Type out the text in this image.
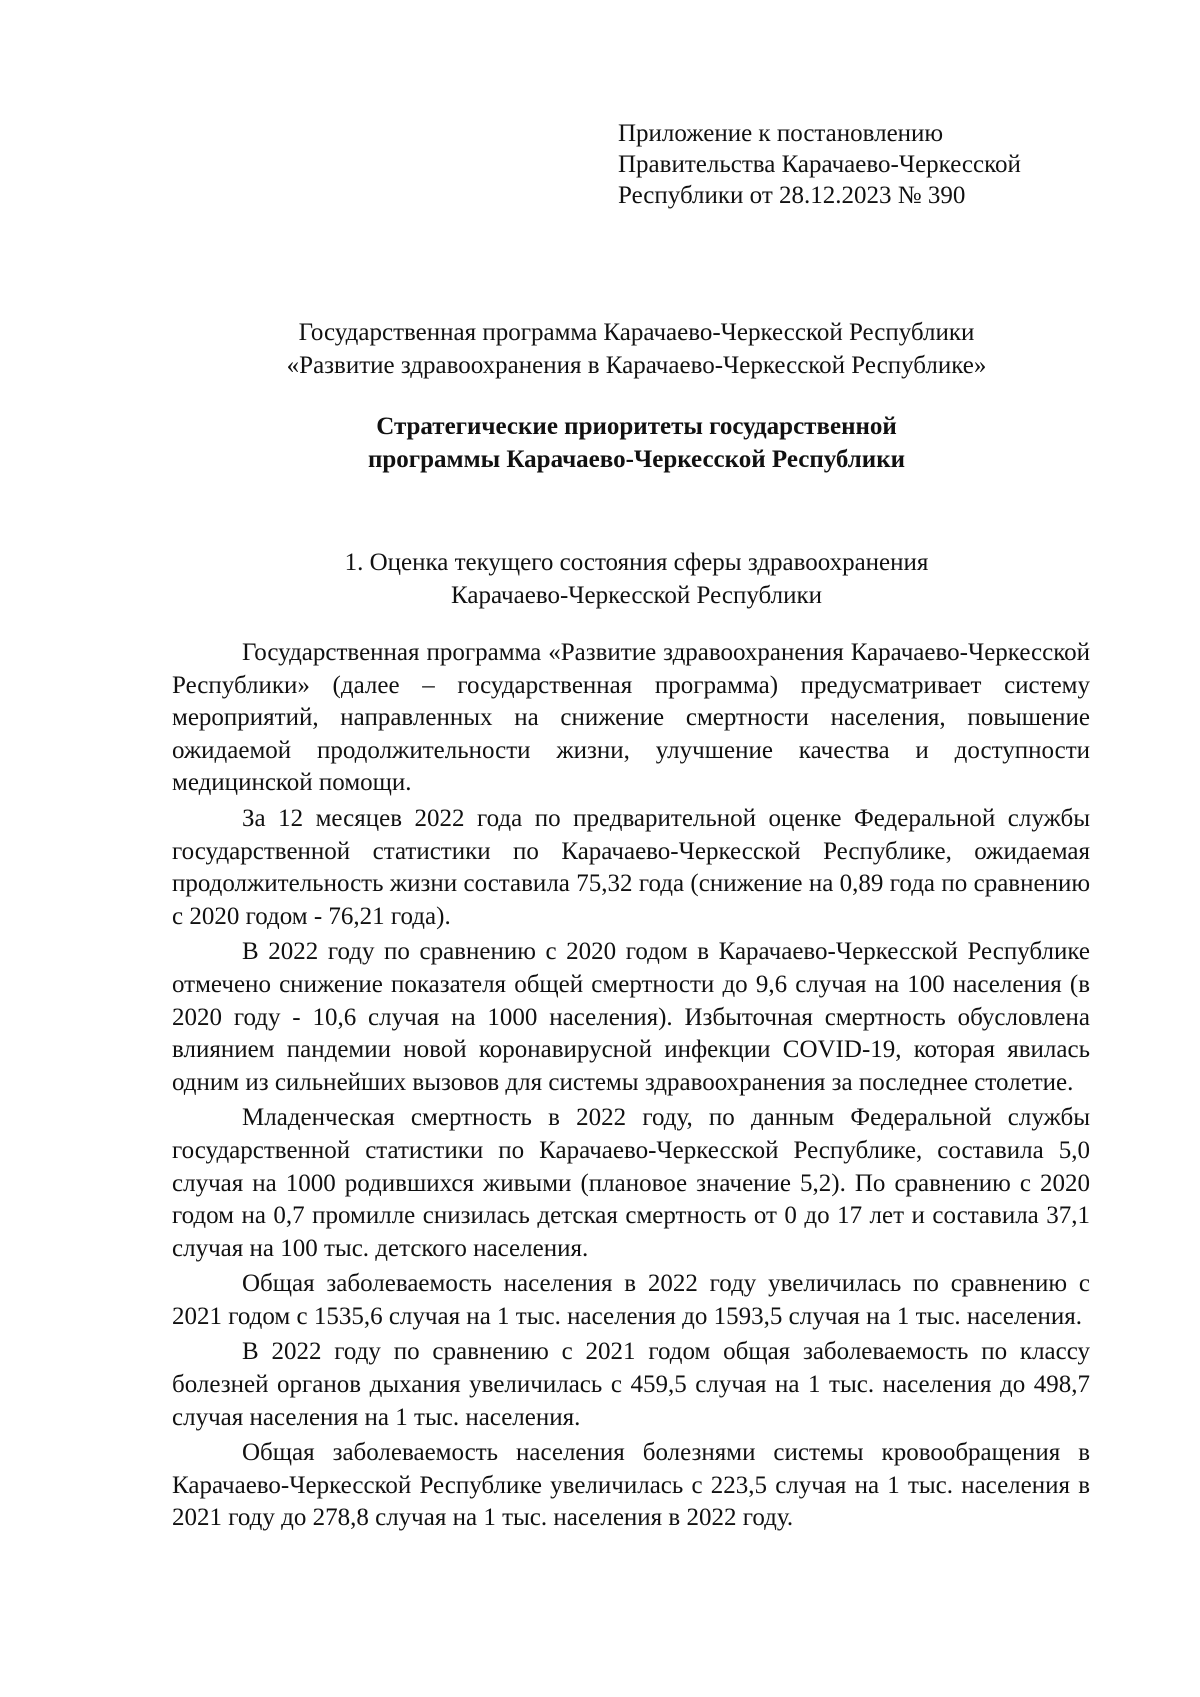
Приложение к постановлению
Правительства Карачаево-Черкесской
Республики от 28.12.2023 № 390
Государственная программа Карачаево-Черкесской Республики
«Развитие здравоохранения в Карачаево-Черкесской Республике»
Стратегические приоритеты государственной
программы Карачаево-Черкесской Республики
1. Оценка текущего состояния сферы здравоохранения
Карачаево-Черкесской Республики

Государственная программа «Развитие здравоохранения Карачаево-Черкесской Республики» (далее – государственная программа) предусматривает систему мероприятий, направленных на снижение смертности населения, повышение ожидаемой продолжительности жизни, улучшение качества и доступности медицинской помощи.

За 12 месяцев 2022 года по предварительной оценке Федеральной службы государственной статистики по Карачаево-Черкесской Республике, ожидаемая продолжительность жизни составила 75,32 года (снижение на 0,89 года по сравнению с 2020 годом - 76,21 года).

В 2022 году по сравнению с 2020 годом в Карачаево-Черкесской Республике отмечено снижение показателя общей смертности до 9,6 случая на 100 населения (в 2020 году - 10,6 случая на 1000 населения). Избыточная смертность обусловлена влиянием пандемии новой коронавирусной инфекции COVID-19, которая явилась одним из сильнейших вызовов для системы здравоохранения за последнее столетие.

Младенческая смертность в 2022 году, по данным Федеральной службы государственной статистики по Карачаево-Черкесской Республике, составила 5,0 случая на 1000 родившихся живыми (плановое значение 5,2). По сравнению с 2020 годом на 0,7 промилле снизилась детская смертность от 0 до 17 лет и составила 37,1 случая на 100 тыс. детского населения.

Общая заболеваемость населения в 2022 году увеличилась по сравнению с 2021 годом с 1535,6 случая на 1 тыс. населения до 1593,5 случая на 1 тыс. населения.

В 2022 году по сравнению с 2021 годом общая заболеваемость по классу болезней органов дыхания увеличилась с 459,5 случая на 1 тыс. населения до 498,7 случая населения на 1 тыс. населения.

Общая заболеваемость населения болезнями системы кровообращения в Карачаево-Черкесской Республике увеличилась с 223,5 случая на 1 тыс. населения в 2021 году до 278,8 случая на 1 тыс. населения в 2022 году.
